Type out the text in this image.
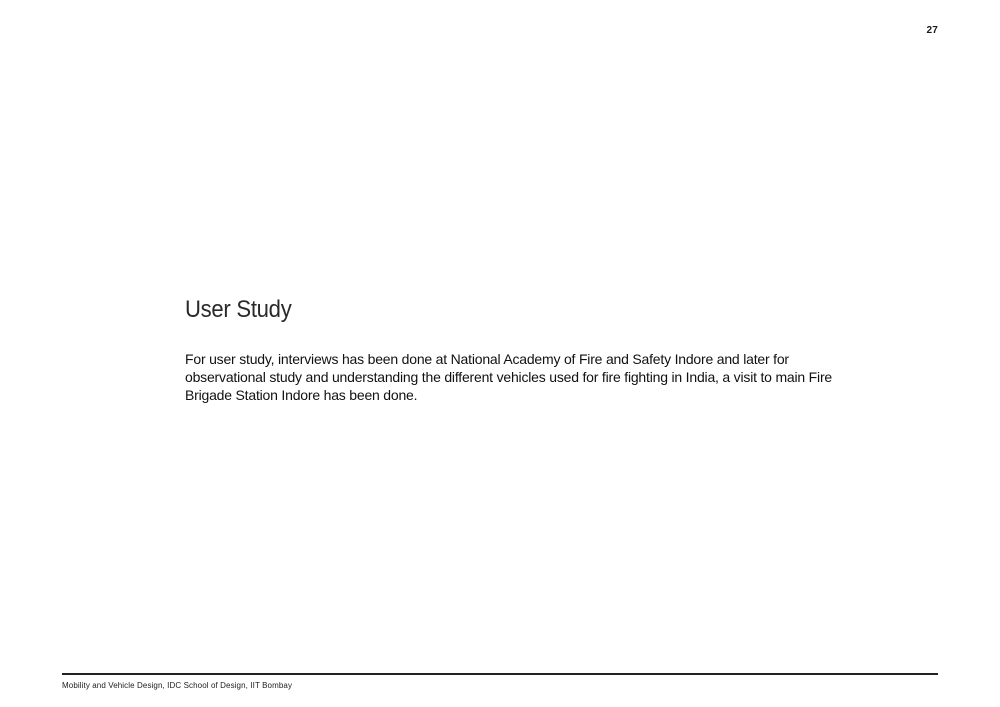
27
User Study

For user study, interviews has been done at National Academy of Fire and Safety Indore and later for observational study and understanding the different vehicles used for fire fighting in India, a visit to main Fire Brigade Station Indore has been done.

Mobility and Vehicle Design, IDC School of Design, IIT Bombay
